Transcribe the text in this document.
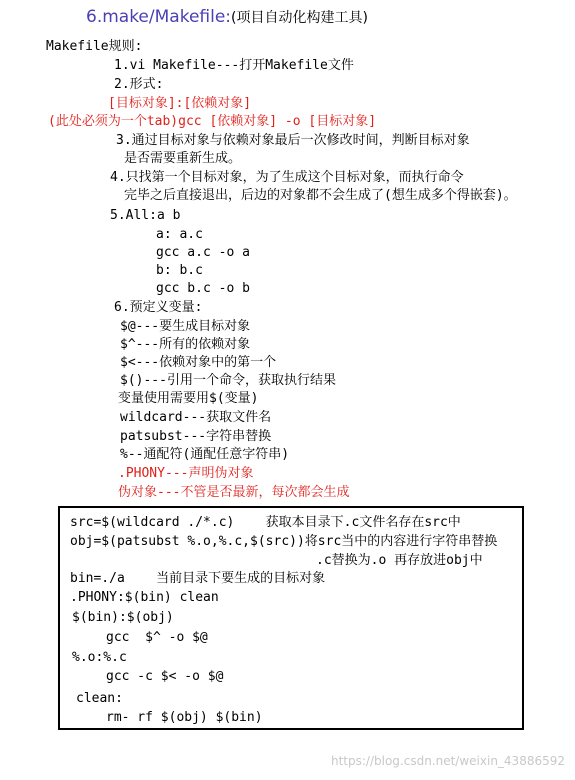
6.make/Makefile:(项目自动化构建工具)
Makefile规则:
1.vi Makefile---打开Makefile文件
2.形式:
[目标对象]:[依赖对象]
(此处必须为一个tab)gcc [依赖对象] -o [目标对象]
3.通过目标对象与依赖对象最后一次修改时间，判断目标对象
是否需要重新生成。
4.只找第一个目标对象，为了生成这个目标对象，而执行命令
完毕之后直接退出，后边的对象都不会生成了(想生成多个得嵌套)。
5.All:a b
a: a.c
gcc a.c -o a
b: b.c
gcc b.c -o b
6.预定义变量:
$@---要生成目标对象
$^---所有的依赖对象
$<---依赖对象中的第一个
$()---引用一个命令，获取执行结果
变量使用需要用$(变量)
wildcard---获取文件名
patsubst---字符串替换
%--通配符(通配任意字符串)
.PHONY---声明伪对象
伪对象---不管是否最新，每次都会生成
src=$(wildcard ./*.c)    获取本目录下.c文件名存在src中
obj=$(patsubst %.o,%.c,$(src))将src当中的内容进行字符串替换
.c替换为.o 再存放进obj中
bin=./a    当前目录下要生成的目标对象
.PHONY:$(bin) clean
$(bin):$(obj)
gcc  $^ -o $@
%.o:%.c
gcc -c $< -o $@
clean:
rm- rf $(obj) $(bin)
https://blog.csdn.net/weixin_43886592
